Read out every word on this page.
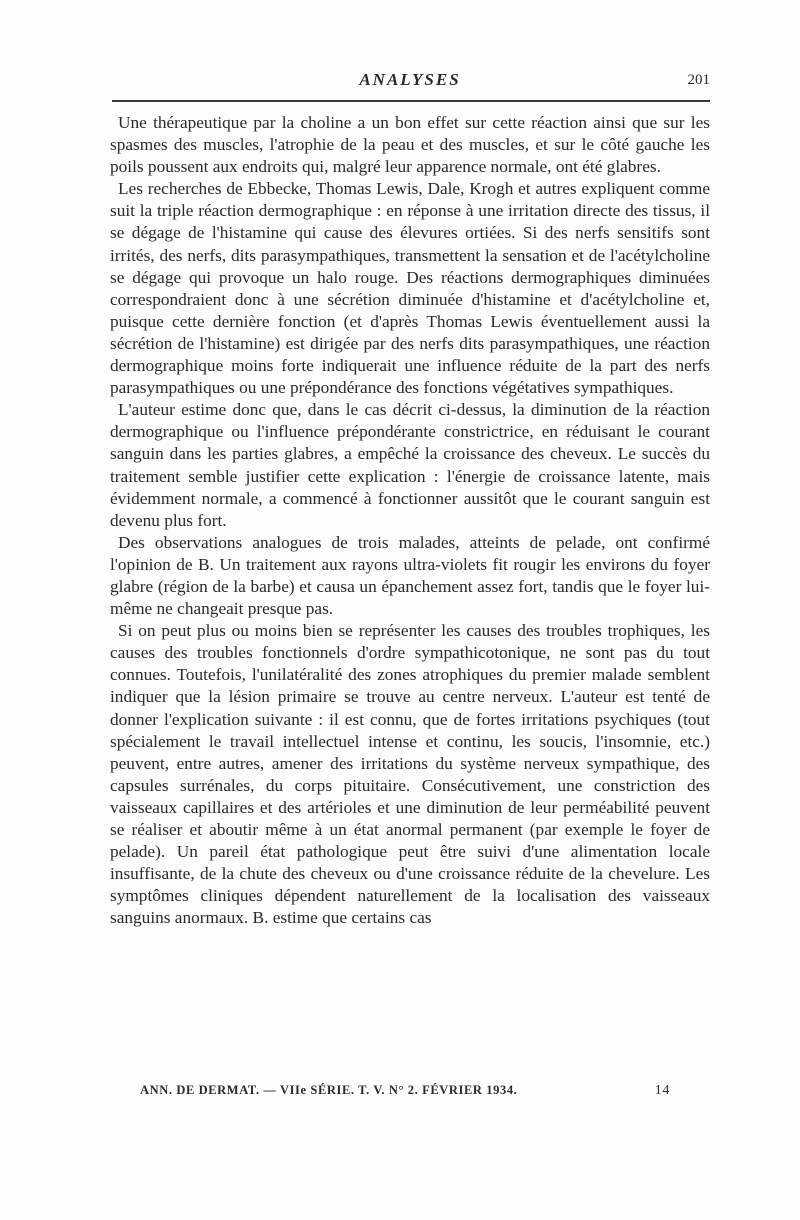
ANALYSES	201

Une thérapeutique par la choline a un bon effet sur cette réaction ainsi que sur les spasmes des muscles, l'atrophie de la peau et des muscles, et sur le côté gauche les poils poussent aux endroits qui, malgré leur apparence normale, ont été glabres.

Les recherches de Ebbecke, Thomas Lewis, Dale, Krogh et autres expliquent comme suit la triple réaction dermographique : en réponse à une irritation directe des tissus, il se dégage de l'histamine qui cause des élevures ortiées. Si des nerfs sensitifs sont irrités, des nerfs, dits parasympathiques, transmettent la sensation et de l'acétylcholine se dégage qui provoque un halo rouge. Des réactions dermographiques diminuées correspondraient donc à une sécrétion diminuée d'histamine et d'acétylcholine et, puisque cette dernière fonction (et d'après Thomas Lewis éventuellement aussi la sécrétion de l'histamine) est dirigée par des nerfs dits parasympathiques, une réaction dermographique moins forte indiquerait une influence réduite de la part des nerfs parasympathiques ou une prépondérance des fonctions végétatives sympathiques.

L'auteur estime donc que, dans le cas décrit ci-dessus, la diminution de la réaction dermographique ou l'influence prépondérante constrictrice, en réduisant le courant sanguin dans les parties glabres, a empêché la croissance des cheveux. Le succès du traitement semble justifier cette explication : l'énergie de croissance latente, mais évidemment normale, a commencé à fonctionner aussitôt que le courant sanguin est devenu plus fort.

Des observations analogues de trois malades, atteints de pelade, ont confirmé l'opinion de B. Un traitement aux rayons ultra-violets fit rougir les environs du foyer glabre (région de la barbe) et causa un épanchement assez fort, tandis que le foyer lui-même ne changeait presque pas.

Si on peut plus ou moins bien se représenter les causes des troubles trophiques, les causes des troubles fonctionnels d'ordre sympathicotonique, ne sont pas du tout connues. Toutefois, l'unilatéralité des zones atrophiques du premier malade semblent indiquer que la lésion primaire se trouve au centre nerveux. L'auteur est tenté de donner l'explication suivante : il est connu, que de fortes irritations psychiques (tout spécialement le travail intellectuel intense et continu, les soucis, l'insomnie, etc.) peuvent, entre autres, amener des irritations du système nerveux sympathique, des capsules surrénales, du corps pituitaire. Consécutivement, une constriction des vaisseaux capillaires et des artérioles et une diminution de leur perméabilité peuvent se réaliser et aboutir même à un état anormal permanent (par exemple le foyer de pelade). Un pareil état pathologique peut être suivi d'une alimentation locale insuffisante, de la chute des cheveux ou d'une croissance réduite de la chevelure. Les symptômes cliniques dépendent naturellement de la localisation des vaisseaux sanguins anormaux. B. estime que certains cas

ANN. DE DERMAT. — VIIe SÉRIE. T. V. N° 2. FÉVRIER 1934.	14
